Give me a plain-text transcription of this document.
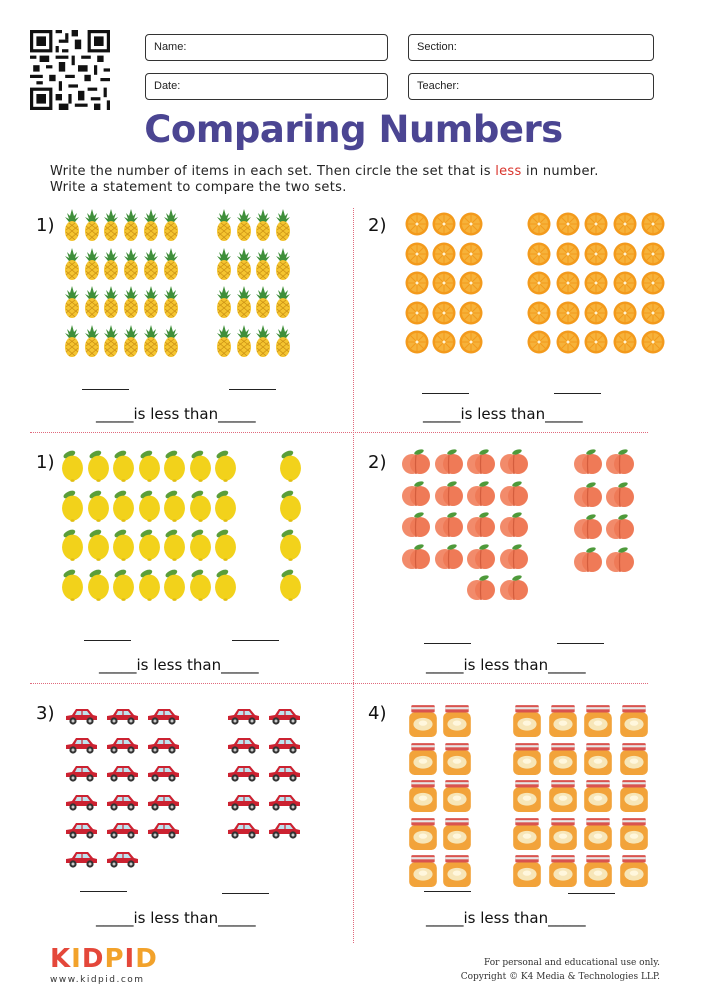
Name:	Section:
Date:	Teacher:
Comparing Numbers
Write the number of items in each set. Then circle the set that is less in number.
Write a statement to compare the two sets.
1)	2)
1)	2)
3)	4)
_____is less than_____	_____is less than_____
_____is less than_____	_____is less than_____
_____is less than_____	_____is less than_____
KIDPID
www.kidpid.com
For personal and educational use only.
Copyright © K4 Media & Technologies LLP.
